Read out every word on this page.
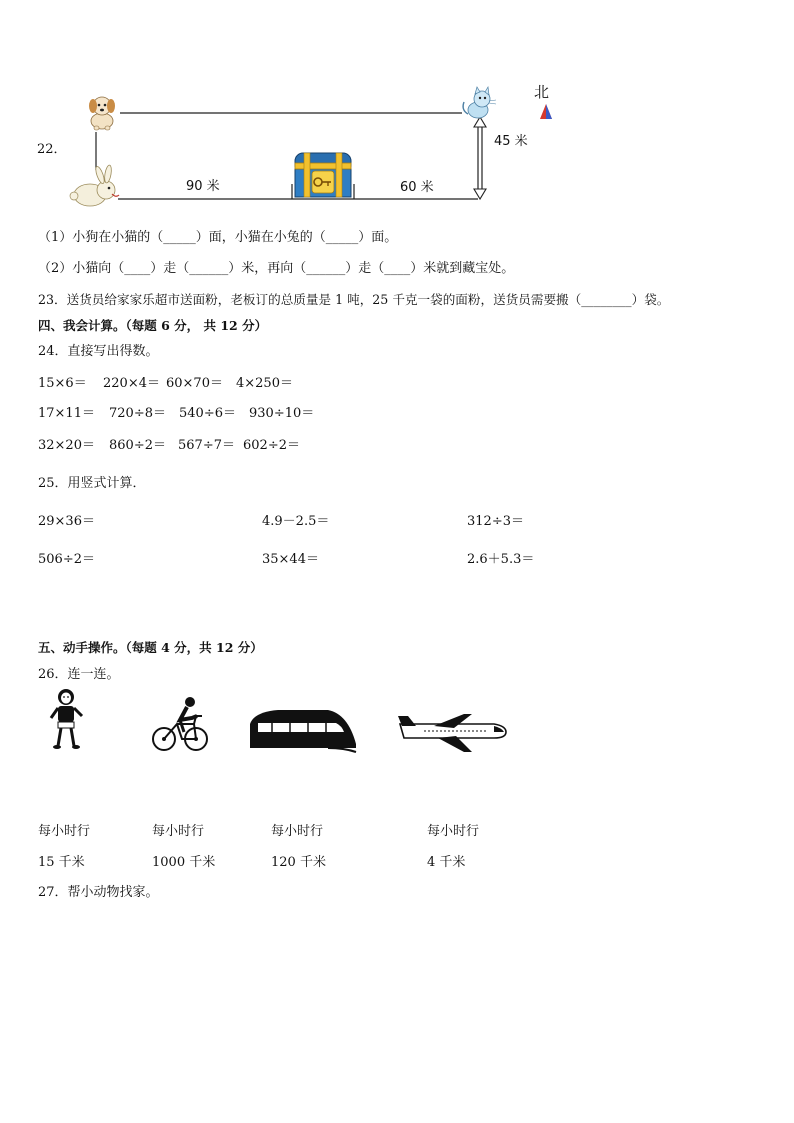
22．
北
90 米	60 米
45 米
（1）小狗在小猫的（_____）面，小猫在小兔的（_____）面。
（2）小猫向（____）走（______）米，再向（______）走（____）米就到藏宝处。
23．送货员给家家乐超市送面粉，老板订的总质量是 1 吨，25 千克一袋的面粉，送货员需要搬（________）袋。
四、我会计算。（每题 6 分， 共 12 分）
24．直接写出得数。
15×6＝ 220×4＝ 60×70＝ 4×250＝
17×11＝ 720÷8＝ 540÷6＝ 930÷10＝
32×20＝ 860÷2＝ 567÷7＝ 602÷2＝
25．用竖式计算．
29×36＝	4.9－2.5＝	312÷3＝
506÷2＝	35×44＝	2.6＋5.3＝
五、动手操作。（每题 4 分，共 12 分）
26．连一连。
每小时行	每小时行	每小时行	每小时行
15 千米	1000 千米	120 千米	4 千米
27．帮小动物找家。
